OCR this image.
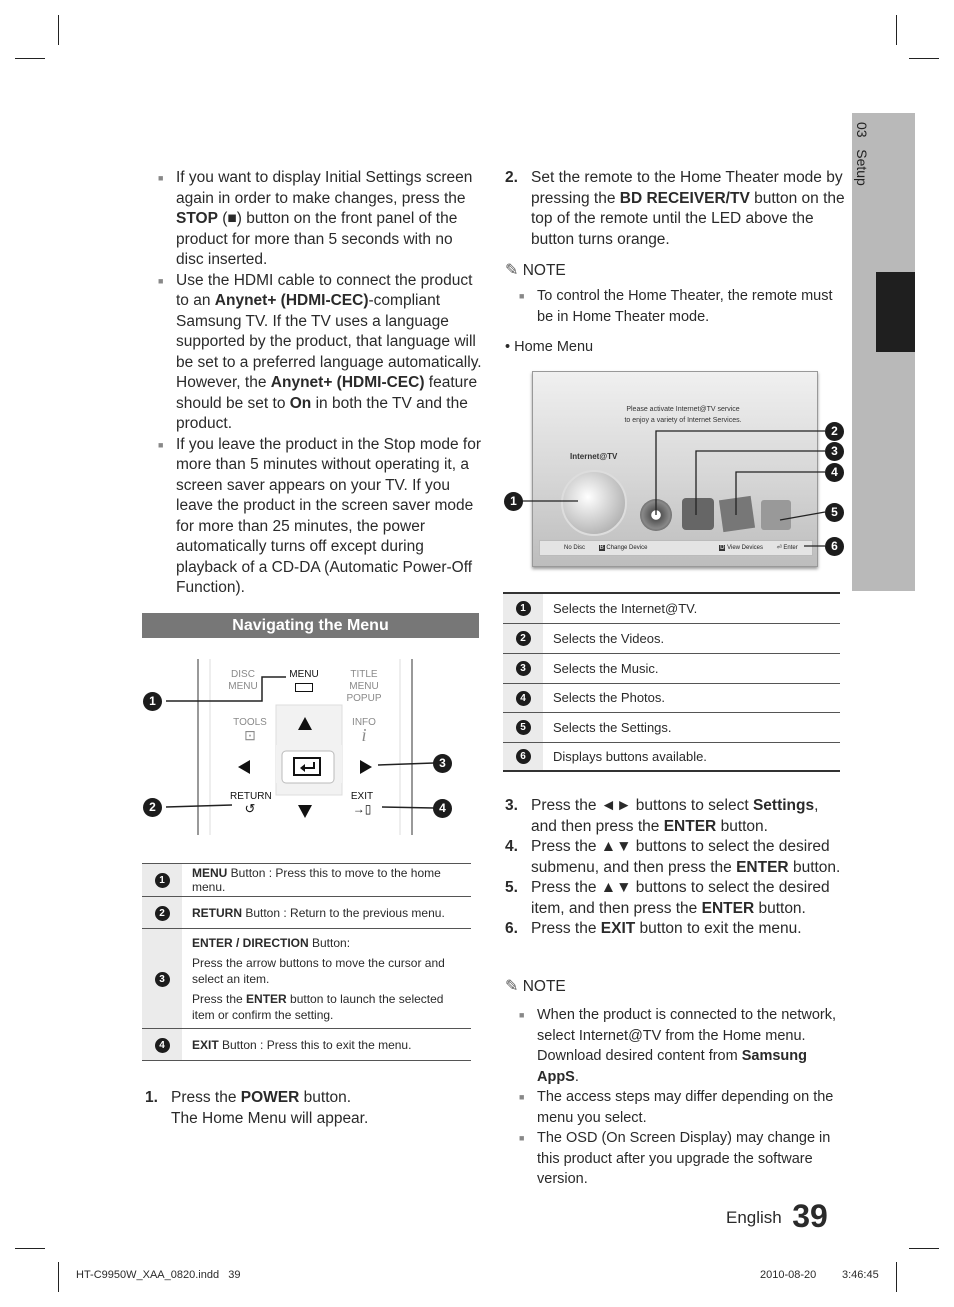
03   Setup
■ If you want to display Initial Settings screen again in order to make changes, press the STOP (■) button on the front panel of the product for more than 5 seconds with no disc inserted.
■ Use the HDMI cable to connect the product to an Anynet+ (HDMI-CEC)-compliant Samsung TV. If the TV uses a language supported by the product, that language will be set to a preferred language automatically.
However, the Anynet+ (HDMI-CEC) feature should be set to On in both the TV and the product.
■ If you leave the product in the Stop mode for more than 5 minutes without operating it, a screen saver appears on your TV. If you leave the product in the screen saver mode for more than 25 minutes, the power automatically turns off except during playback of a CD-DA (Automatic Power-Off Function).
Navigating the Menu
DISC MENU
MENU	TITLE MENU POPUP
TOOLS
⊡
INFO
i
RETURN
↺
EXIT
→▯
1
2
3
4
1	MENU Button : Press this to move to the home menu.
2	RETURN Button : Return to the previous menu.
3	ENTER / DIRECTION Button:
Press the arrow buttons to move the cursor and select an item.
Press the ENTER button to launch the selected item or confirm the setting.

4	EXIT Button : Press this to exit the menu.
1. Press the POWER button.
The Home Menu will appear.
2. Set the remote to the Home Theater mode by pressing the BD RECEIVER/TV button on the top of the remote until the LED above the button turns orange.
✎ NOTE
■ To control the Home Theater, the remote must be in Home Theater mode.
• Home Menu
Please activate Internet@TV service
to enjoy a variety of Internet Services.
Internet@TV
No Disc B Change Device	D View Devices ⏎ Enter
1
2
3
4
5
6
1	Selects the Internet@TV.
2	Selects the Videos.
3	Selects the Music.
4	Selects the Photos.
5	Selects the Settings.
6	Displays buttons available.
3. Press the ◄► buttons to select Settings, and then press the ENTER button.
4. Press the ▲▼ buttons to select the desired submenu, and then press the ENTER button.
5. Press the ▲▼ buttons to select the desired item, and then press the ENTER button.
6. Press the EXIT button to exit the menu.
✎ NOTE
■ When the product is connected to the network, select Internet@TV from the Home menu. Download desired content from Samsung AppS.
■ The access steps may differ depending on the menu you select.
■ The OSD (On Screen Display) may change in this product after you upgrade the software version.
English 39
HT-C9950W_XAA_0820.indd   39	2010-08-20 3:46:45
